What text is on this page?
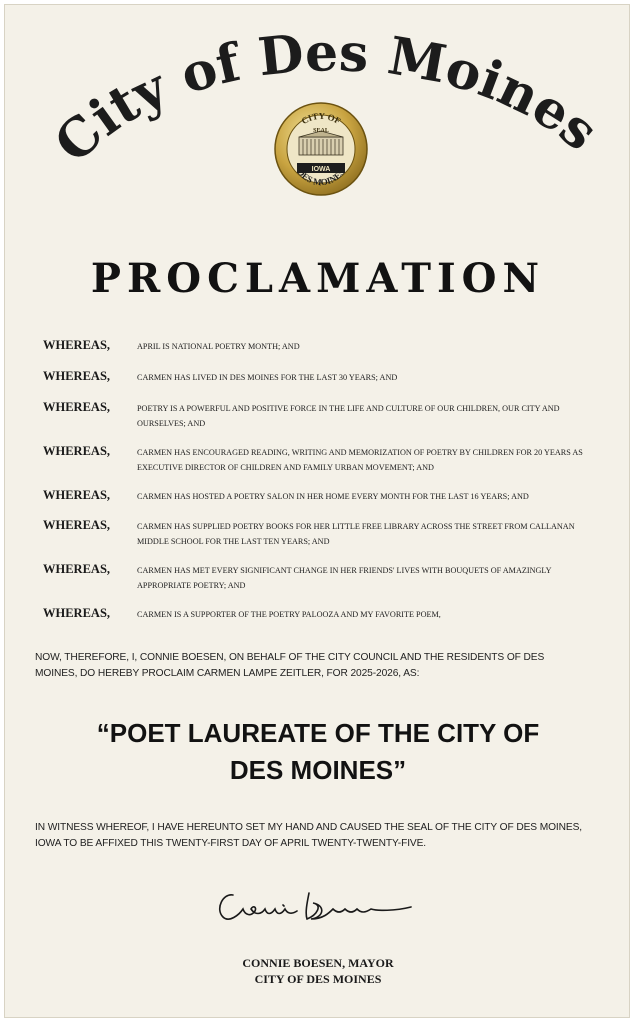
City of Des Moines
IOWA
CITY OF
SEAL
DES MOINES
PROCLAMATION
WHEREAS,	APRIL IS NATIONAL POETRY MONTH; AND
WHEREAS,	CARMEN HAS LIVED IN DES MOINES FOR THE LAST 30 YEARS; AND
WHEREAS,	POETRY IS A POWERFUL AND POSITIVE FORCE IN THE LIFE AND CULTURE OF OUR CHILDREN, OUR CITY AND OURSELVES; AND
WHEREAS,	CARMEN HAS ENCOURAGED READING, WRITING AND MEMORIZATION OF POETRY BY CHILDREN FOR 20 YEARS AS EXECUTIVE DIRECTOR OF CHILDREN AND FAMILY URBAN MOVEMENT; AND
WHEREAS,	CARMEN HAS HOSTED A POETRY SALON IN HER HOME EVERY MONTH FOR THE LAST 16 YEARS; AND
WHEREAS,	CARMEN HAS SUPPLIED POETRY BOOKS FOR HER LITTLE FREE LIBRARY ACROSS THE STREET FROM CALLANAN MIDDLE SCHOOL FOR THE LAST TEN YEARS; AND
WHEREAS,	CARMEN HAS MET EVERY SIGNIFICANT CHANGE IN HER FRIENDS' LIVES WITH BOUQUETS OF AMAZINGLY APPROPRIATE POETRY; AND
WHEREAS,	CARMEN IS A SUPPORTER OF THE POETRY PALOOZA AND MY FAVORITE POEM,
NOW, THEREFORE, I, CONNIE BOESEN, ON BEHALF OF THE CITY COUNCIL AND THE RESIDENTS OF DES MOINES, DO HEREBY PROCLAIM CARMEN LAMPE ZEITLER, FOR 2025-2026, AS:
“POET LAUREATE OF THE CITY OF
DES MOINES”
IN WITNESS WHEREOF, I HAVE HEREUNTO SET MY HAND AND CAUSED THE SEAL OF THE CITY OF DES MOINES, IOWA TO BE AFFIXED THIS TWENTY-FIRST DAY OF APRIL TWENTY-TWENTY-FIVE.
CONNIE BOESEN, MAYOR
CITY OF DES MOINES
